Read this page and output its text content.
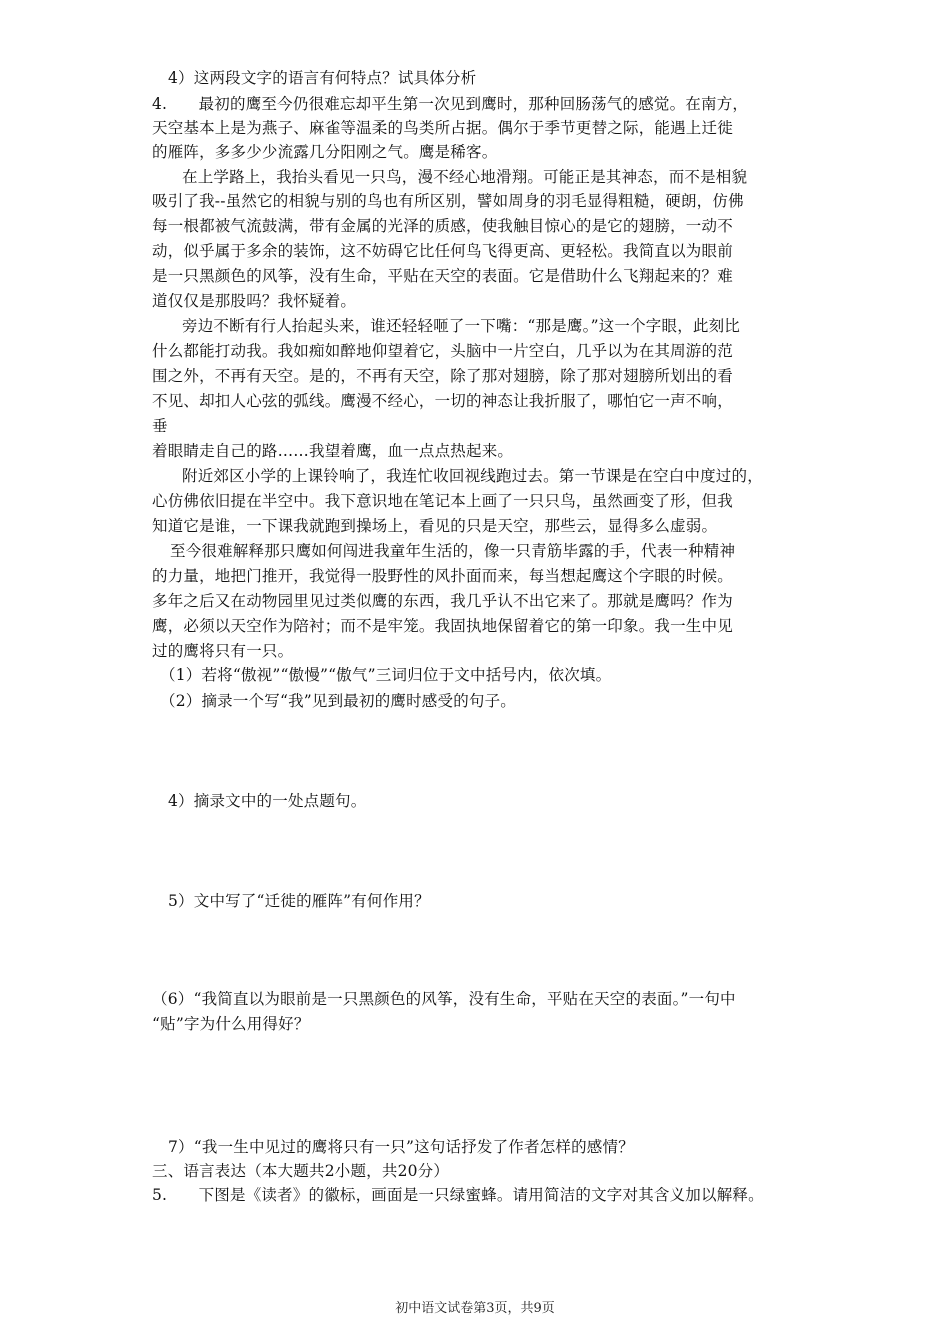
4）这两段文字的语言有何特点？试具体分析
4.　　最初的鹰至今仍很难忘却平生第一次见到鹰时，那种回肠荡气的感觉。在南方，
天空基本上是为燕子、麻雀等温柔的鸟类所占据。偶尔于季节更替之际，能遇上迁徙
的雁阵，多多少少流露几分阳刚之气。鹰是稀客。
在上学路上，我抬头看见一只鸟，漫不经心地滑翔。可能正是其神态，而不是相貌
吸引了我--虽然它的相貌与别的鸟也有所区别，譬如周身的羽毛显得粗糙，硬朗，仿佛
每一根都被气流鼓满，带有金属的光泽的质感，使我触目惊心的是它的翅膀，一动不
动，似乎属于多余的装饰，这不妨碍它比任何鸟飞得更高、更轻松。我简直以为眼前
是一只黑颜色的风筝，没有生命，平贴在天空的表面。它是借助什么飞翔起来的？难
道仅仅是那股吗？我怀疑着。
旁边不断有行人抬起头来，谁还轻轻咂了一下嘴：“那是鹰。”这一个字眼，此刻比
什么都能打动我。我如痴如醉地仰望着它，头脑中一片空白，几乎以为在其周游的范
围之外，不再有天空。是的，不再有天空，除了那对翅膀，除了那对翅膀所划出的看
不见、却扣人心弦的弧线。鹰漫不经心，一切的神态让我折服了，哪怕它一声不响，
垂
着眼睛走自己的路……我望着鹰，血一点点热起来。
附近郊区小学的上课铃响了，我连忙收回视线跑过去。第一节课是在空白中度过的，
心仿佛依旧提在半空中。我下意识地在笔记本上画了一只只鸟，虽然画变了形，但我
知道它是谁，一下课我就跑到操场上，看见的只是天空，那些云，显得多么虚弱。
至今很难解释那只鹰如何闯进我童年生活的，像一只青筋毕露的手，代表一种精神
的力量，地把门推开，我觉得一股野性的风扑面而来，每当想起鹰这个字眼的时候。
多年之后又在动物园里见过类似鹰的东西，我几乎认不出它来了。那就是鹰吗？作为
鹰，必须以天空作为陪衬；而不是牢笼。我固执地保留着它的第一印象。我一生中见
过的鹰将只有一只。
（1）若将“傲视”“傲慢”“傲气”三词归位于文中括号内，依次填。
（2）摘录一个写“我”见到最初的鹰时感受的句子。
4）摘录文中的一处点题句。
5）文中写了“迁徙的雁阵”有何作用？
（6）“我简直以为眼前是一只黑颜色的风筝，没有生命，平贴在天空的表面。”一句中
“贴”字为什么用得好？
7）“我一生中见过的鹰将只有一只”这句话抒发了作者怎样的感情？
三、语言表达（本大题共2小题，共20分）
5.　　下图是《读者》的徽标，画面是一只绿蜜蜂。请用简洁的文字对其含义加以解释。
初中语文试卷第3页，共9页
